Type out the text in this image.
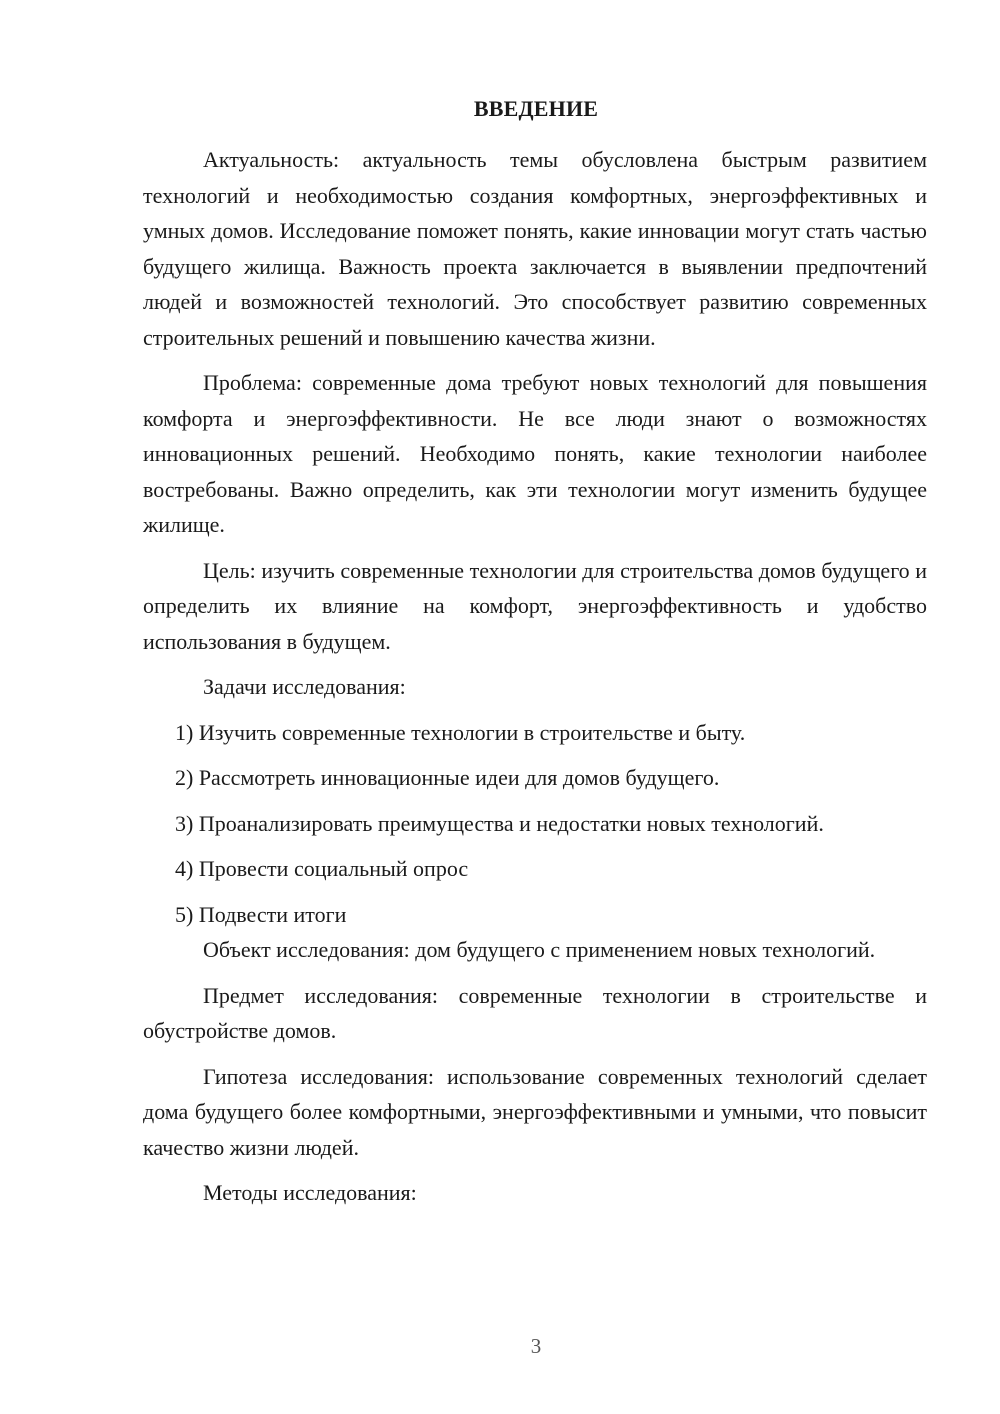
ВВЕДЕНИЕ

Актуальность: актуальность темы обусловлена быстрым развитием технологий и необходимостью создания комфортных, энергоэффективных и умных домов. Исследование поможет понять, какие инновации могут стать частью будущего жилища. Важность проекта заключается в выявлении предпочтений людей и возможностей технологий. Это способствует развитию современных строительных решений и повышению качества жизни.

Проблема: современные дома требуют новых технологий для повышения комфорта и энергоэффективности. Не все люди знают о возможностях инновационных решений. Необходимо понять, какие технологии наиболее востребованы. Важно определить, как эти технологии могут изменить будущее жилище.

Цель: изучить современные технологии для строительства домов будущего и определить их влияние на комфорт, энергоэффективность и удобство использования в будущем.

Задачи исследования:

1) Изучить современные технологии в строительстве и быту.

2) Рассмотреть инновационные идеи для домов будущего.

3) Проанализировать преимущества и недостатки новых технологий.

4) Провести социальный опрос

5) Подвести итоги

Объект исследования: дом будущего с применением новых технологий.

Предмет исследования: современные технологии в строительстве и обустройстве домов.

Гипотеза исследования: использование современных технологий сделает дома будущего более комфортными, энергоэффективными и умными, что повысит качество жизни людей.

Методы исследования:

3
